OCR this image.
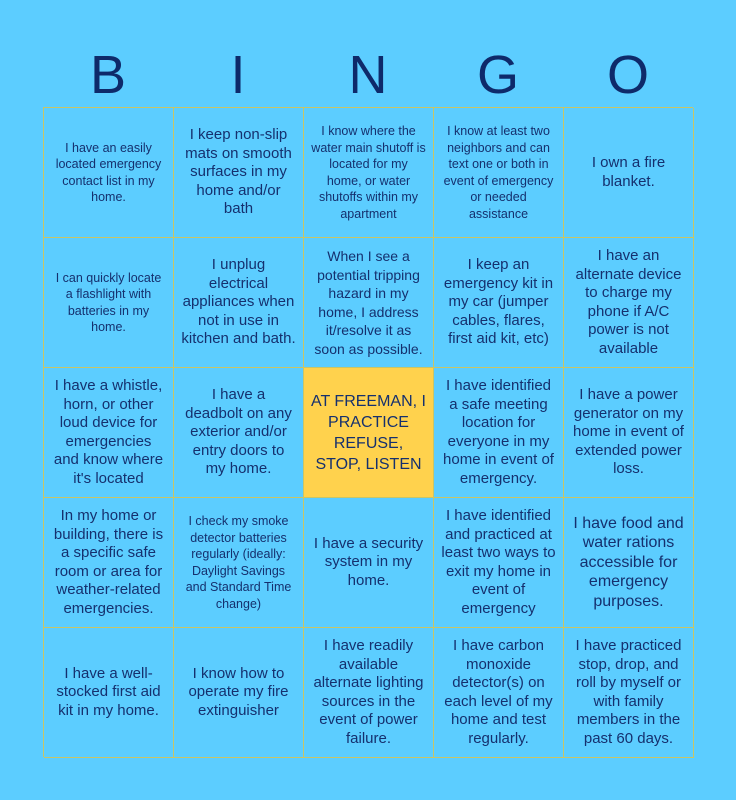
B	I	N	G	O
I have an easily located emergency contact list in my home.
I keep non-slip mats on smooth surfaces in my home and/or bath
I know where the water main shutoff is located for my home, or water shutoffs within my apartment
I know at least two neighbors and can text one or both in event of emergency or needed assistance
I own a fire blanket.
I can quickly locate a flashlight with batteries in my home.
I unplug electrical appliances when not in use in kitchen and bath.
When I see a potential tripping hazard in my home, I address it/resolve it as soon as possible.
I keep an emergency kit in my car (jumper cables, flares, first aid kit, etc)
I have an alternate device to charge my phone if A/C power is not available
I have a whistle, horn, or other loud device for emergencies and know where it's located
I have a deadbolt on any exterior and/or entry doors to my home.
AT FREEMAN, I PRACTICE REFUSE, STOP, LISTEN
I have identified a safe meeting location for everyone in my home in event of emergency.
I have a power generator on my home in event of extended power loss.
In my home or building, there is a specific safe room or area for weather-related emergencies.
I check my smoke detector batteries regularly (ideally: Daylight Savings and Standard Time change)
I have a security system in my home.
I have identified and practiced at least two ways to exit my home in event of emergency
I have food and water rations accessible for emergency purposes.
I have a well-stocked first aid kit in my home.
I know how to operate my fire extinguisher
I have readily available alternate lighting sources in the event of power failure.
I have carbon monoxide detector(s) on each level of my home and test regularly.
I have practiced stop, drop, and roll by myself or with family members in the past 60 days.
